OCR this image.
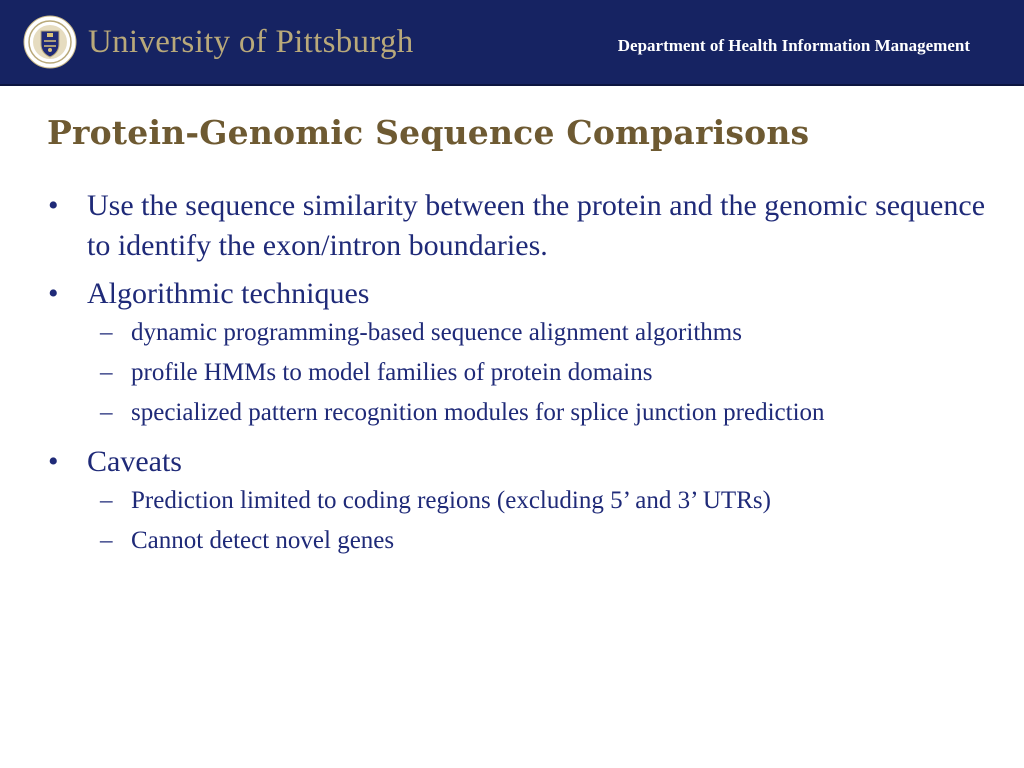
University of Pittsburgh	Department of Health Information Management
Protein-Genomic Sequence Comparisons
• Use the sequence similarity between the protein and the genomic sequence to identify the exon/intron boundaries.
• Algorithmic techniques
– dynamic programming-based sequence alignment algorithms
– profile HMMs to model families of protein domains
– specialized pattern recognition modules for splice junction prediction
• Caveats
– Prediction limited to coding regions (excluding 5’ and 3’ UTRs)
– Cannot detect novel genes
